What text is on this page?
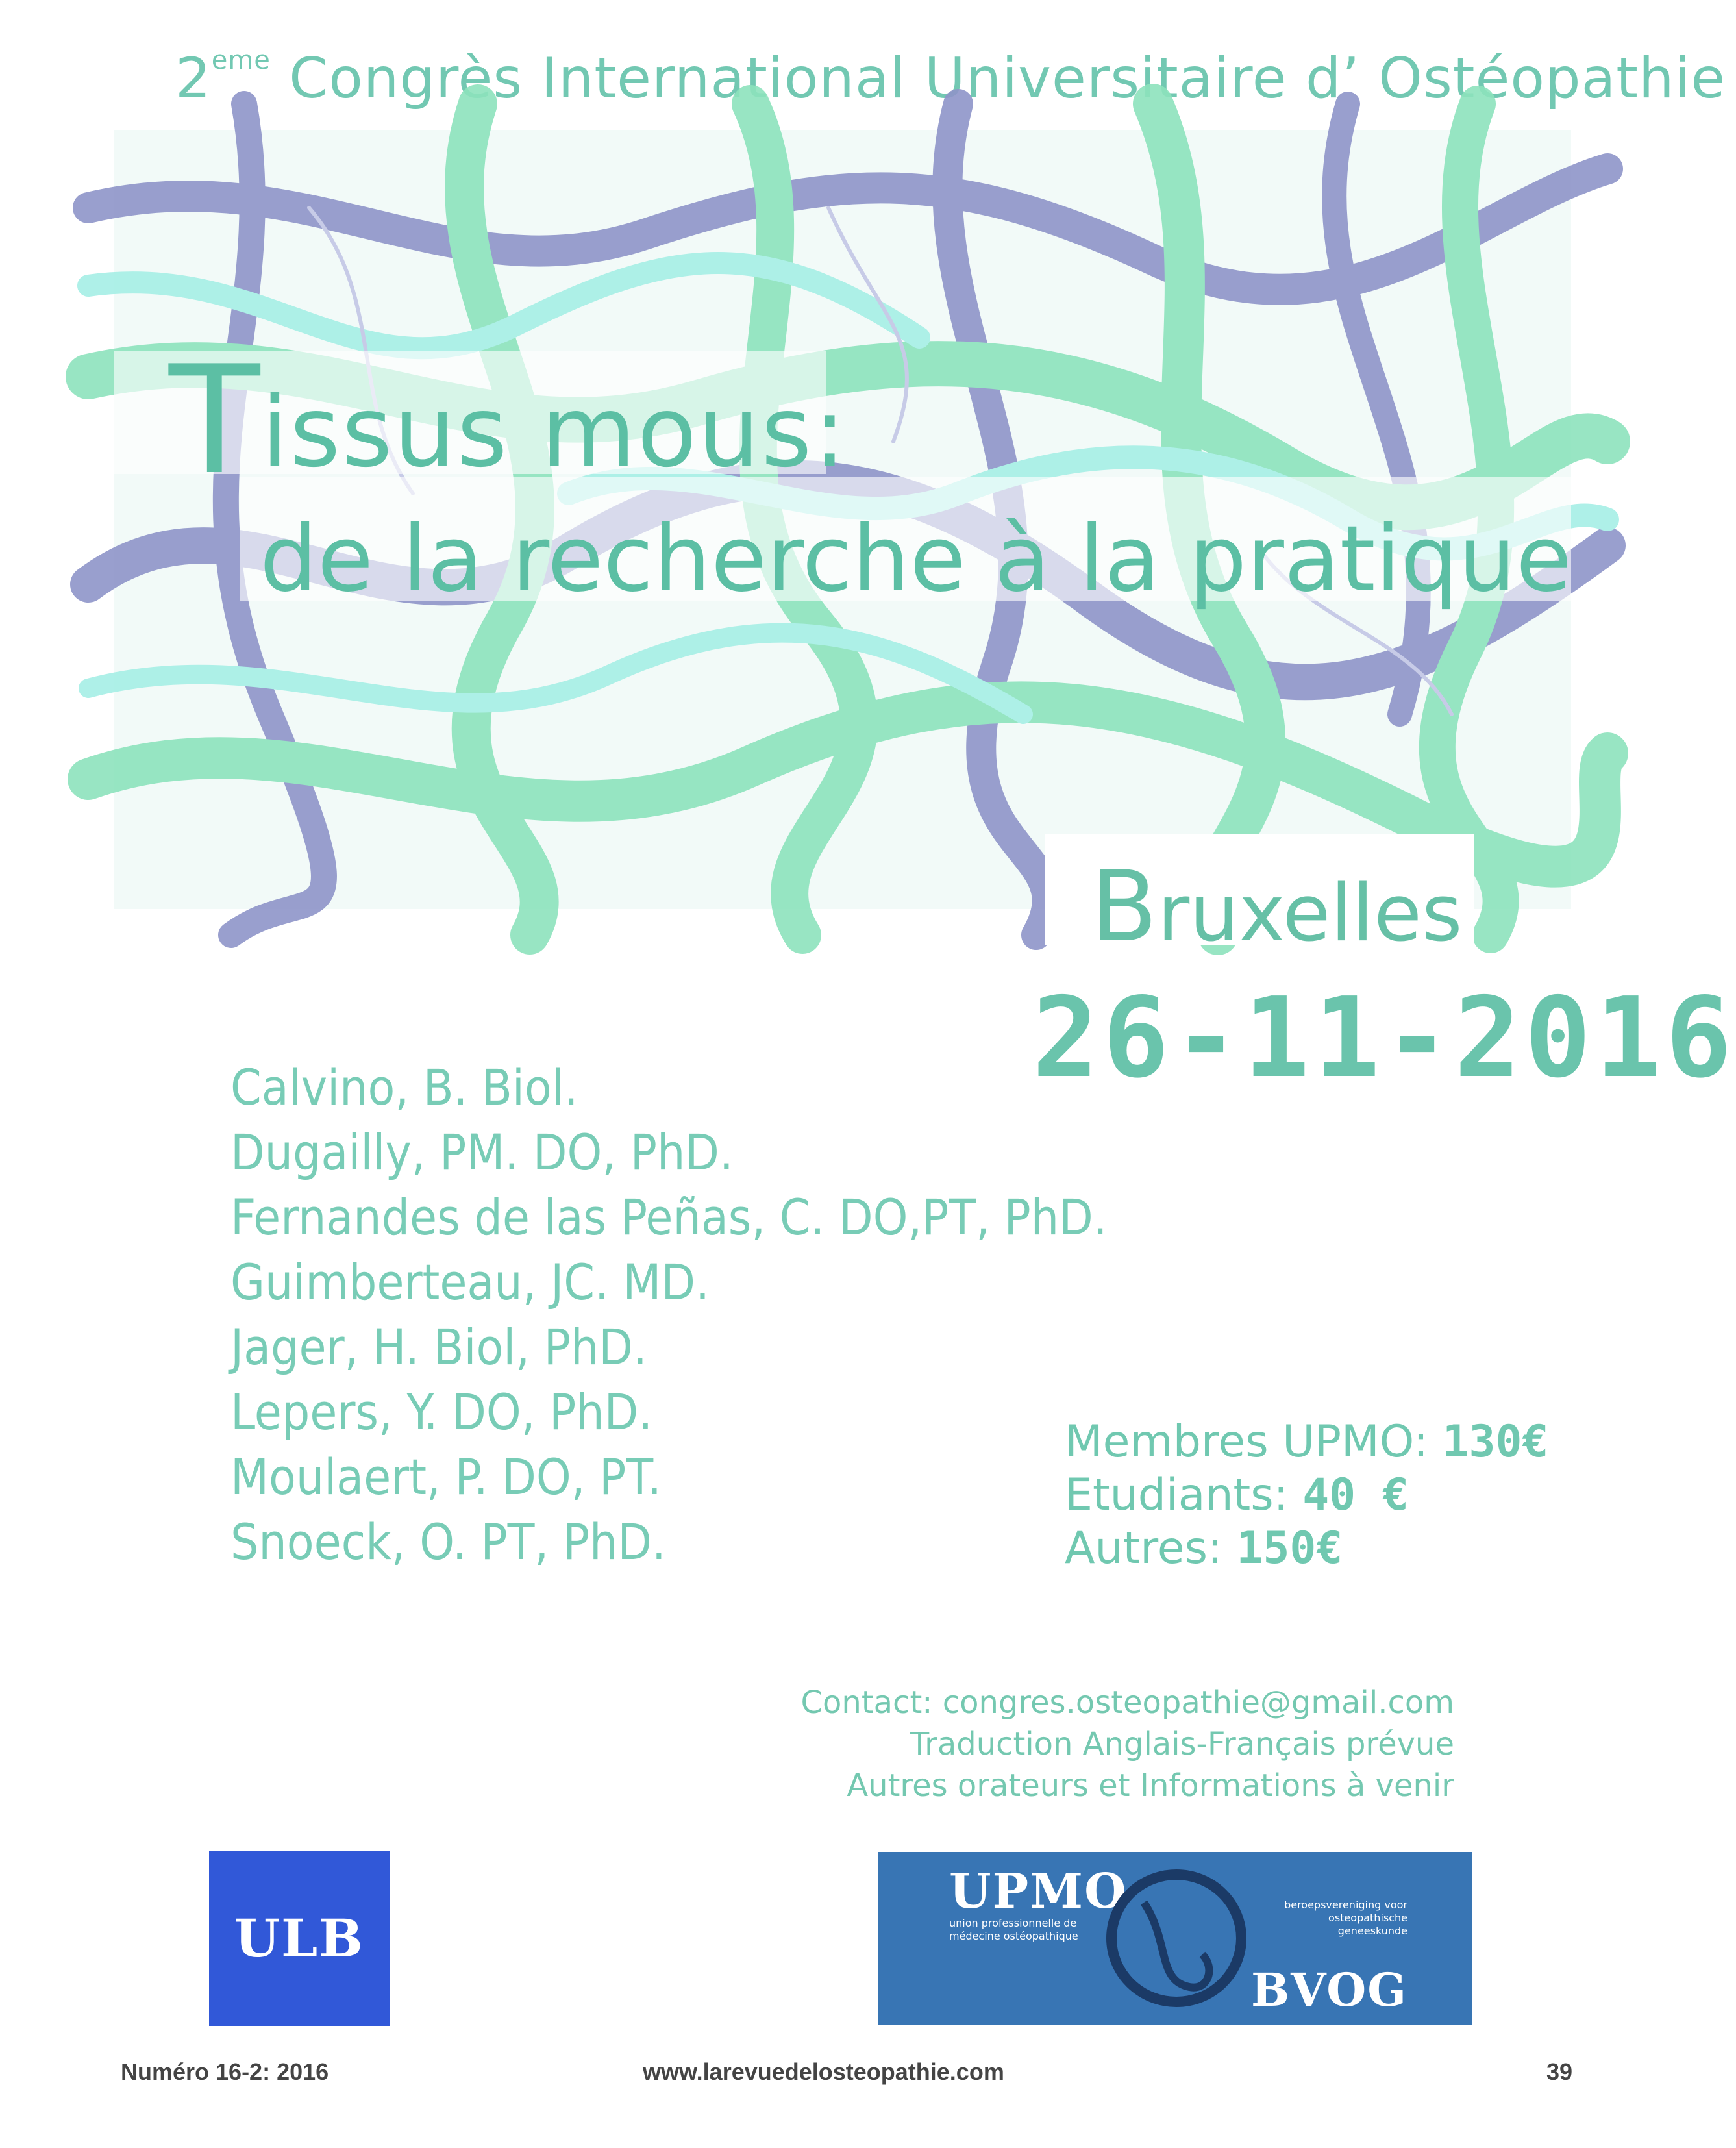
2eme Congrès International Universitaire d’ Ostéopathie
Tissus mous:
de la recherche à la pratique
Bruxelles
26-11-2016
Calvino, B. Biol.
Dugailly, PM. DO, PhD.
Fernandes de las Peñas, C. DO,PT, PhD.
Guimberteau, JC. MD.
Jager, H. Biol, PhD.
Lepers, Y. DO, PhD.
Moulaert, P. DO, PT.
Snoeck, O. PT, PhD.
Membres UPMO: 130€
Etudiants: 40 €
Autres: 150€
Contact: congres.osteopathie@gmail.com
Traduction Anglais-Français prévue
Autres orateurs et Informations à venir
ULB
UPMO
union professionnelle de médecine ostéopathique
beroepsvereniging voor osteopathische geneeskunde
BVOG
Numéro 16-2: 2016	www.larevuedelosteopathie.com	39
